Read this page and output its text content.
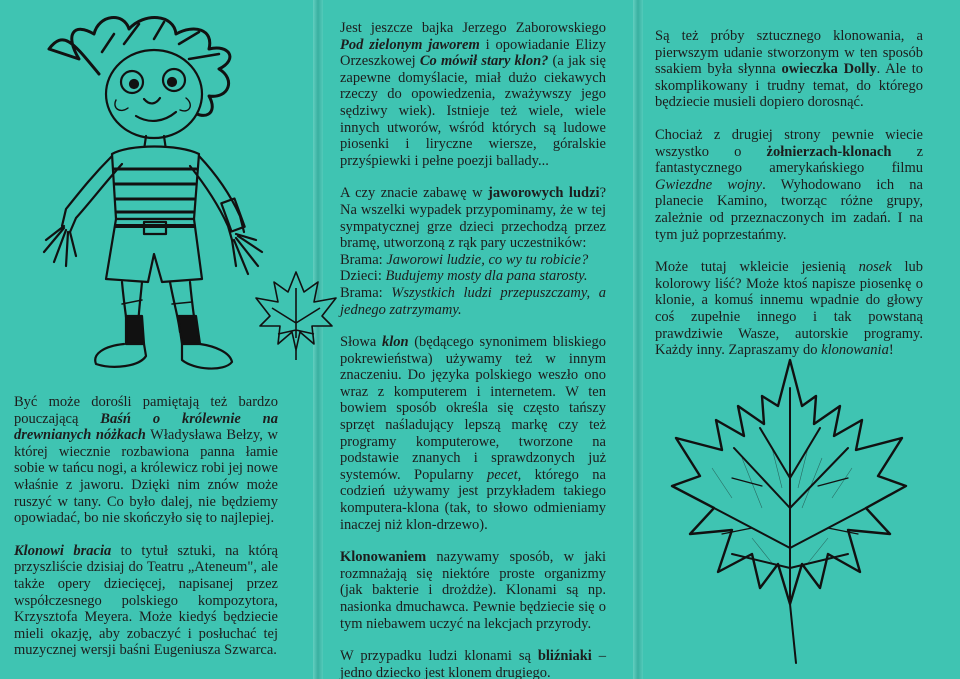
Być może dorośli pamiętają też bardzo pouczającą Baśń o królewnie na drewnianych nóżkach Władysława Bełzy, w której wiecznie rozbawiona panna łamie sobie w tańcu nogi, a królewicz robi jej nowe właśnie z jaworu. Dzięki nim znów może ruszyć w tany. Co było dalej, nie będziemy opowiadać, bo nie skończyło się to najlepiej.

Klonowi bracia to tytuł sztuki, na którą przyszliście dzisiaj do Teatru „Ateneum", ale także opery dziecięcej, napisanej przez współczesnego polskiego kompozytora, Krzysztofa Meyera. Może kiedyś będziecie mieli okazję, aby zobaczyć i posłuchać tej muzycznej wersji baśni Eugeniusza Szwarca.

Jest jeszcze bajka Jerzego Zaborowskiego Pod zielonym jaworem i opowiadanie Elizy Orzeszkowej Co mówił stary klon? (a jak się zapewne domyślacie, miał dużo ciekawych rzeczy do opowiedzenia, zważywszy jego sędziwy wiek). Istnieje też wiele, wiele innych utworów, wśród których są ludowe piosenki i liryczne wiersze, góralskie przyśpiewki i pełne poezji ballady...

A czy znacie zabawę w jaworowych ludzi? Na wszelki wypadek przypominamy, że w tej sympatycznej grze dzieci przechodzą przez bramę, utworzoną z rąk pary uczestników:
Brama: Jaworowi ludzie, co wy tu robicie?
Dzieci: Budujemy mosty dla pana starosty.
Brama: Wszystkich ludzi przepuszczamy, a jednego zatrzymamy.

Słowa klon (będącego synonimem bliskiego pokrewieństwa) używamy też w innym znaczeniu. Do języka polskiego weszło ono wraz z komputerem i internetem. W ten bowiem sposób określa się często tańszy sprzęt naśladujący lepszą markę czy też programy komputerowe, tworzone na podstawie znanych i sprawdzonych już systemów. Popularny pecet, którego na codzień używamy jest przykładem takiego komputera-klona (tak, to słowo odmieniamy inaczej niż klon-drzewo).

Klonowaniem nazywamy sposób, w jaki rozmnażają się niektóre proste organizmy (jak bakterie i drożdże). Klonami są np. nasionka dmuchawca. Pewnie będziecie się o tym niebawem uczyć na lekcjach przyrody.

W przypadku ludzi klonami są bliźniaki – jedno dziecko jest klonem drugiego.

Są też próby sztucznego klonowania, a pierwszym udanie stworzonym w ten sposób ssakiem była słynna owieczka Dolly. Ale to skomplikowany i trudny temat, do którego będziecie musieli dopiero dorosnąć.

Chociaż z drugiej strony pewnie wiecie wszystko o żołnierzach-klonach z fantastycznego amerykańskiego filmu Gwiezdne wojny. Wyhodowano ich na planecie Kamino, tworząc różne grupy, zależnie od przeznaczonych im zadań. I na tym już poprzestańmy.

Może tutaj wkleicie jesienią nosek lub kolorowy liść? Może ktoś napisze piosenkę o klonie, a komuś innemu wpadnie do głowy coś zupełnie innego i tak powstaną prawdziwie Wasze, autorskie programy. Każdy inny. Zapraszamy do klonowania!
